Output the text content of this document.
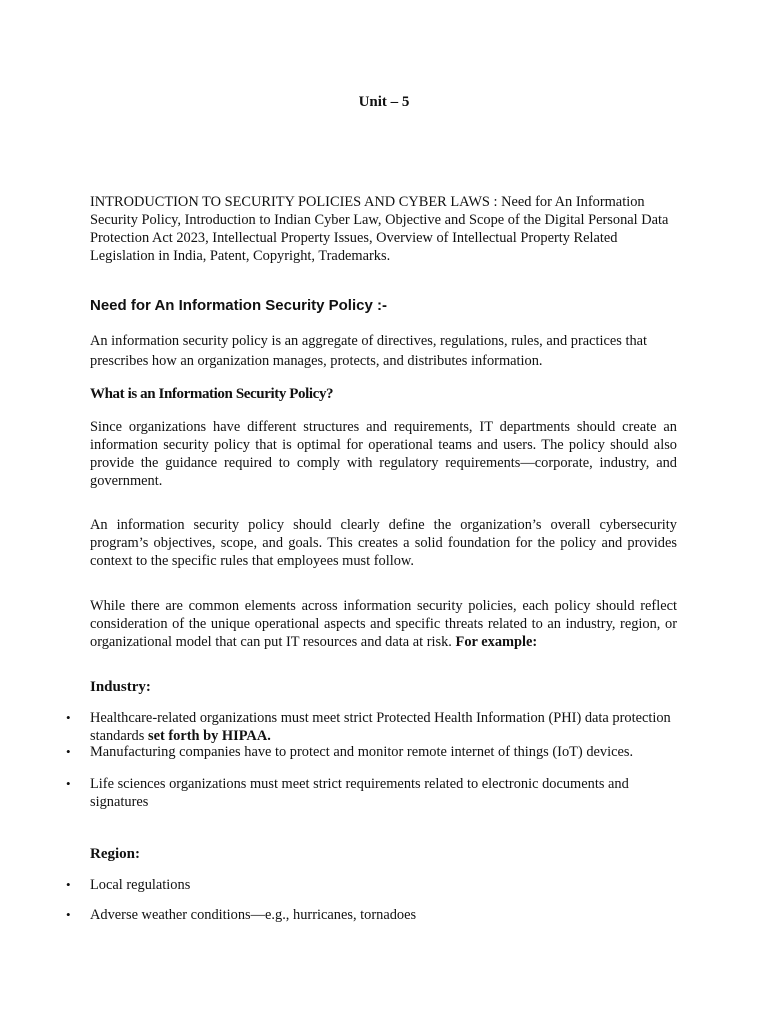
Unit – 5

INTRODUCTION TO SECURITY POLICIES AND CYBER LAWS : Need for An Information Security Policy, Introduction to Indian Cyber Law, Objective and Scope of the Digital Personal Data Protection Act 2023, Intellectual Property Issues, Overview of Intellectual Property Related Legislation in India, Patent, Copyright, Trademarks.

Need for An Information Security Policy :-

An information security policy is an aggregate of directives, regulations, rules, and practices that prescribes how an organization manages, protects, and distributes information.

What is an Information Security Policy?

Since organizations have different structures and requirements, IT departments should create an information security policy that is optimal for operational teams and users. The policy should also provide the guidance required to comply with regulatory requirements—corporate, industry, and government.

An information security policy should clearly define the organization’s overall cybersecurity program’s objectives, scope, and goals. This creates a solid foundation for the policy and provides context to the specific rules that employees must follow.

While there are common elements across information security policies, each policy should reflect consideration of the unique operational aspects and specific threats related to an industry, region, or organizational model that can put IT resources and data at risk. For example:

Industry:
• Healthcare-related organizations must meet strict Protected Health Information (PHI) data protection standards set forth by HIPAA.
• Manufacturing companies have to protect and monitor remote internet of things (IoT) devices.
• Life sciences organizations must meet strict requirements related to electronic documents and signatures
Region:
• Local regulations
• Adverse weather conditions—e.g., hurricanes, tornadoes
